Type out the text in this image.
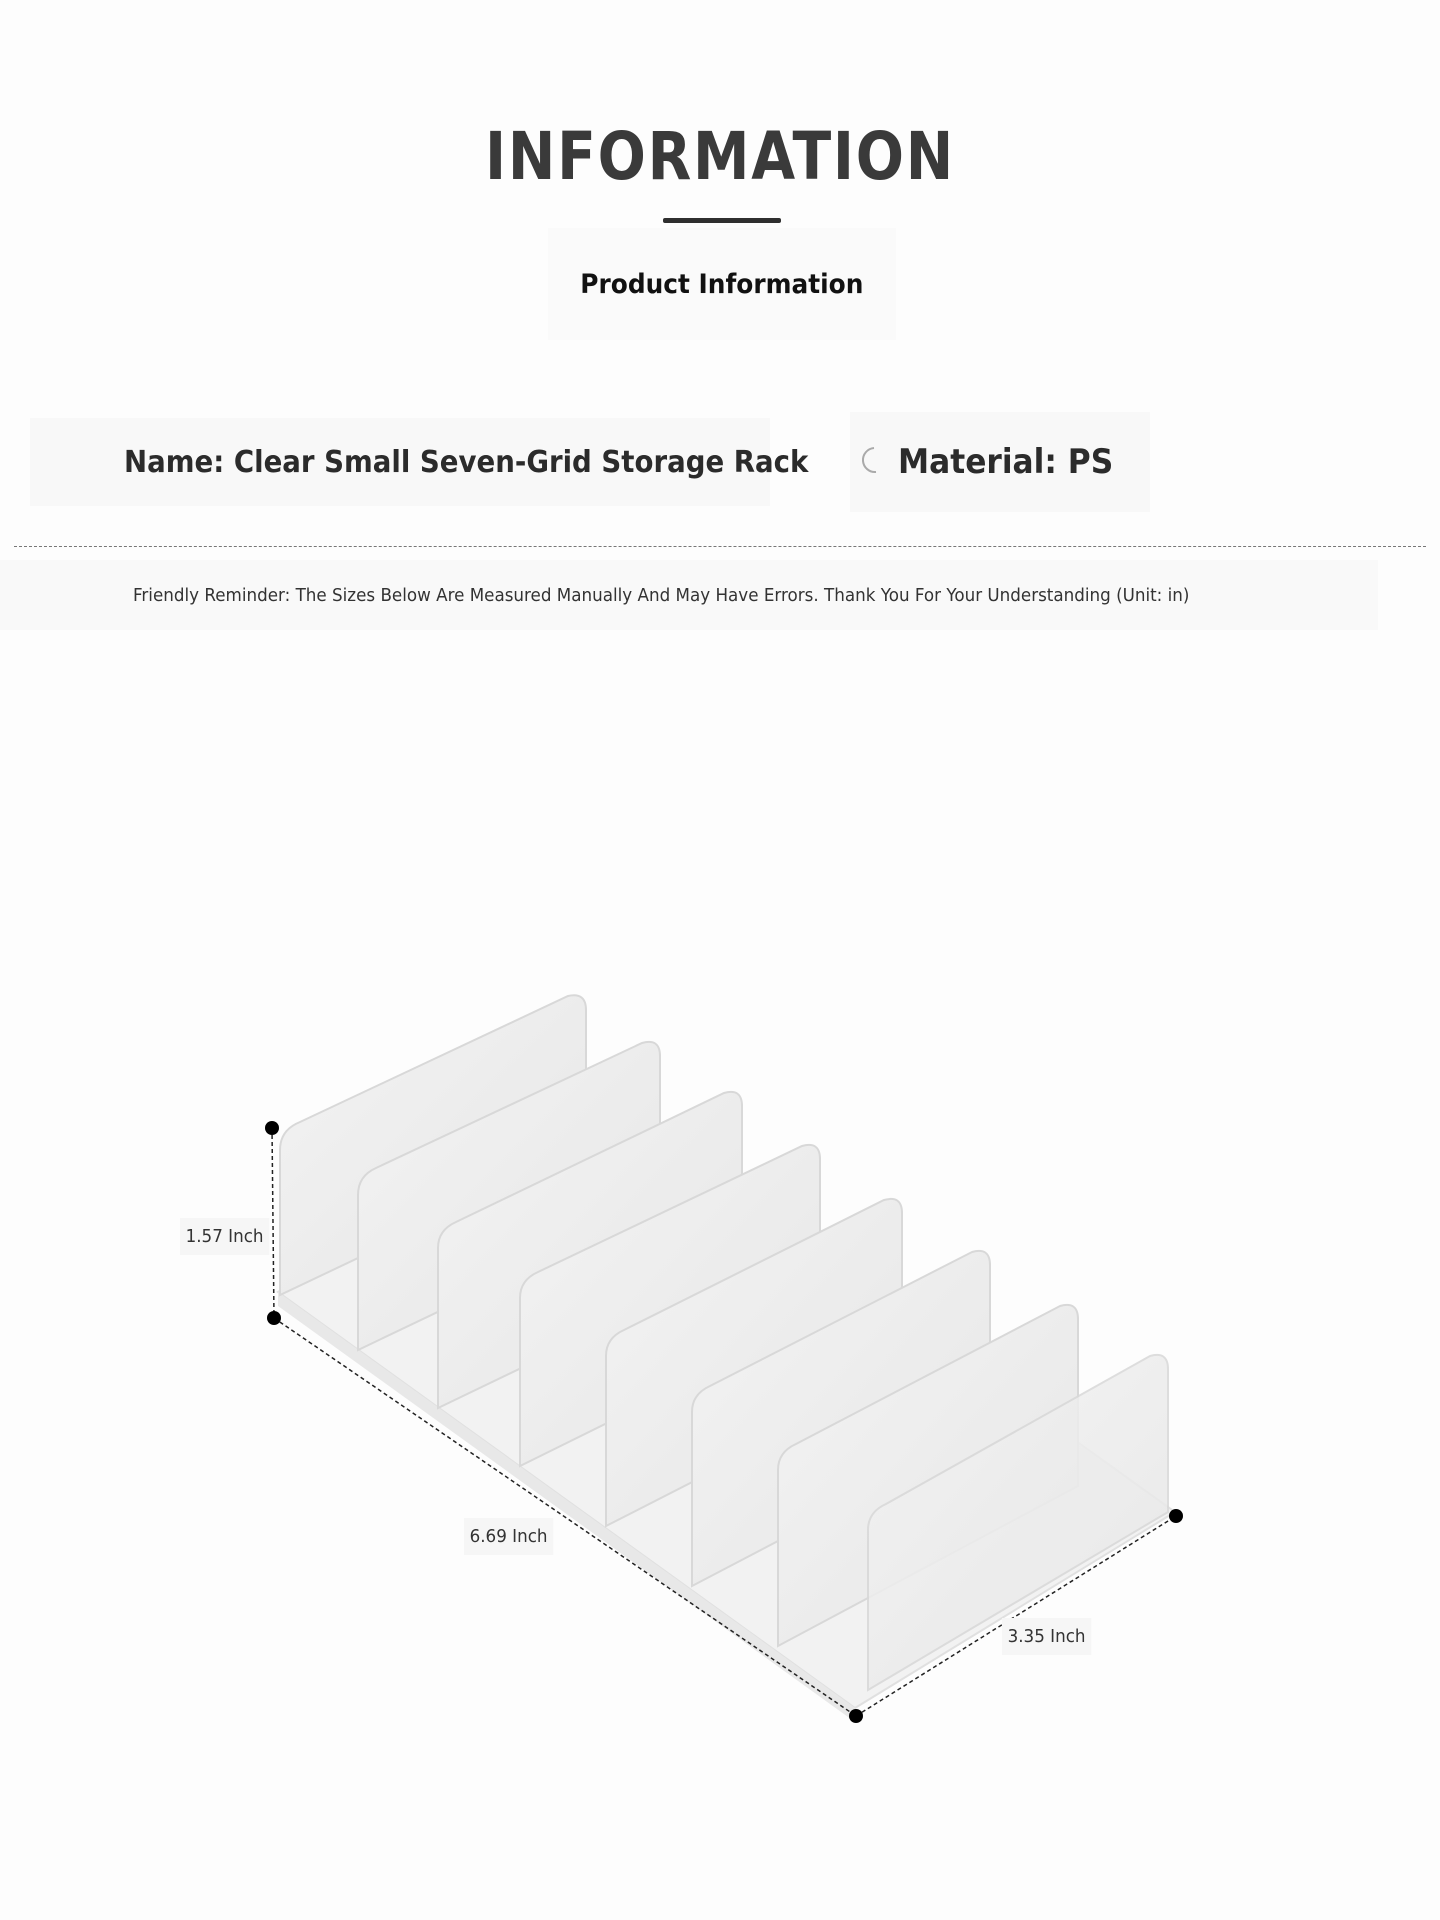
INFORMATION
Product Information
Name: Clear Small Seven-Grid Storage Rack	Material: PS
Friendly Reminder: The Sizes Below Are Measured Manually And May Have Errors. Thank You For Your Understanding (Unit: in)
1.57 Inch
6.69 Inch
3.35 Inch
